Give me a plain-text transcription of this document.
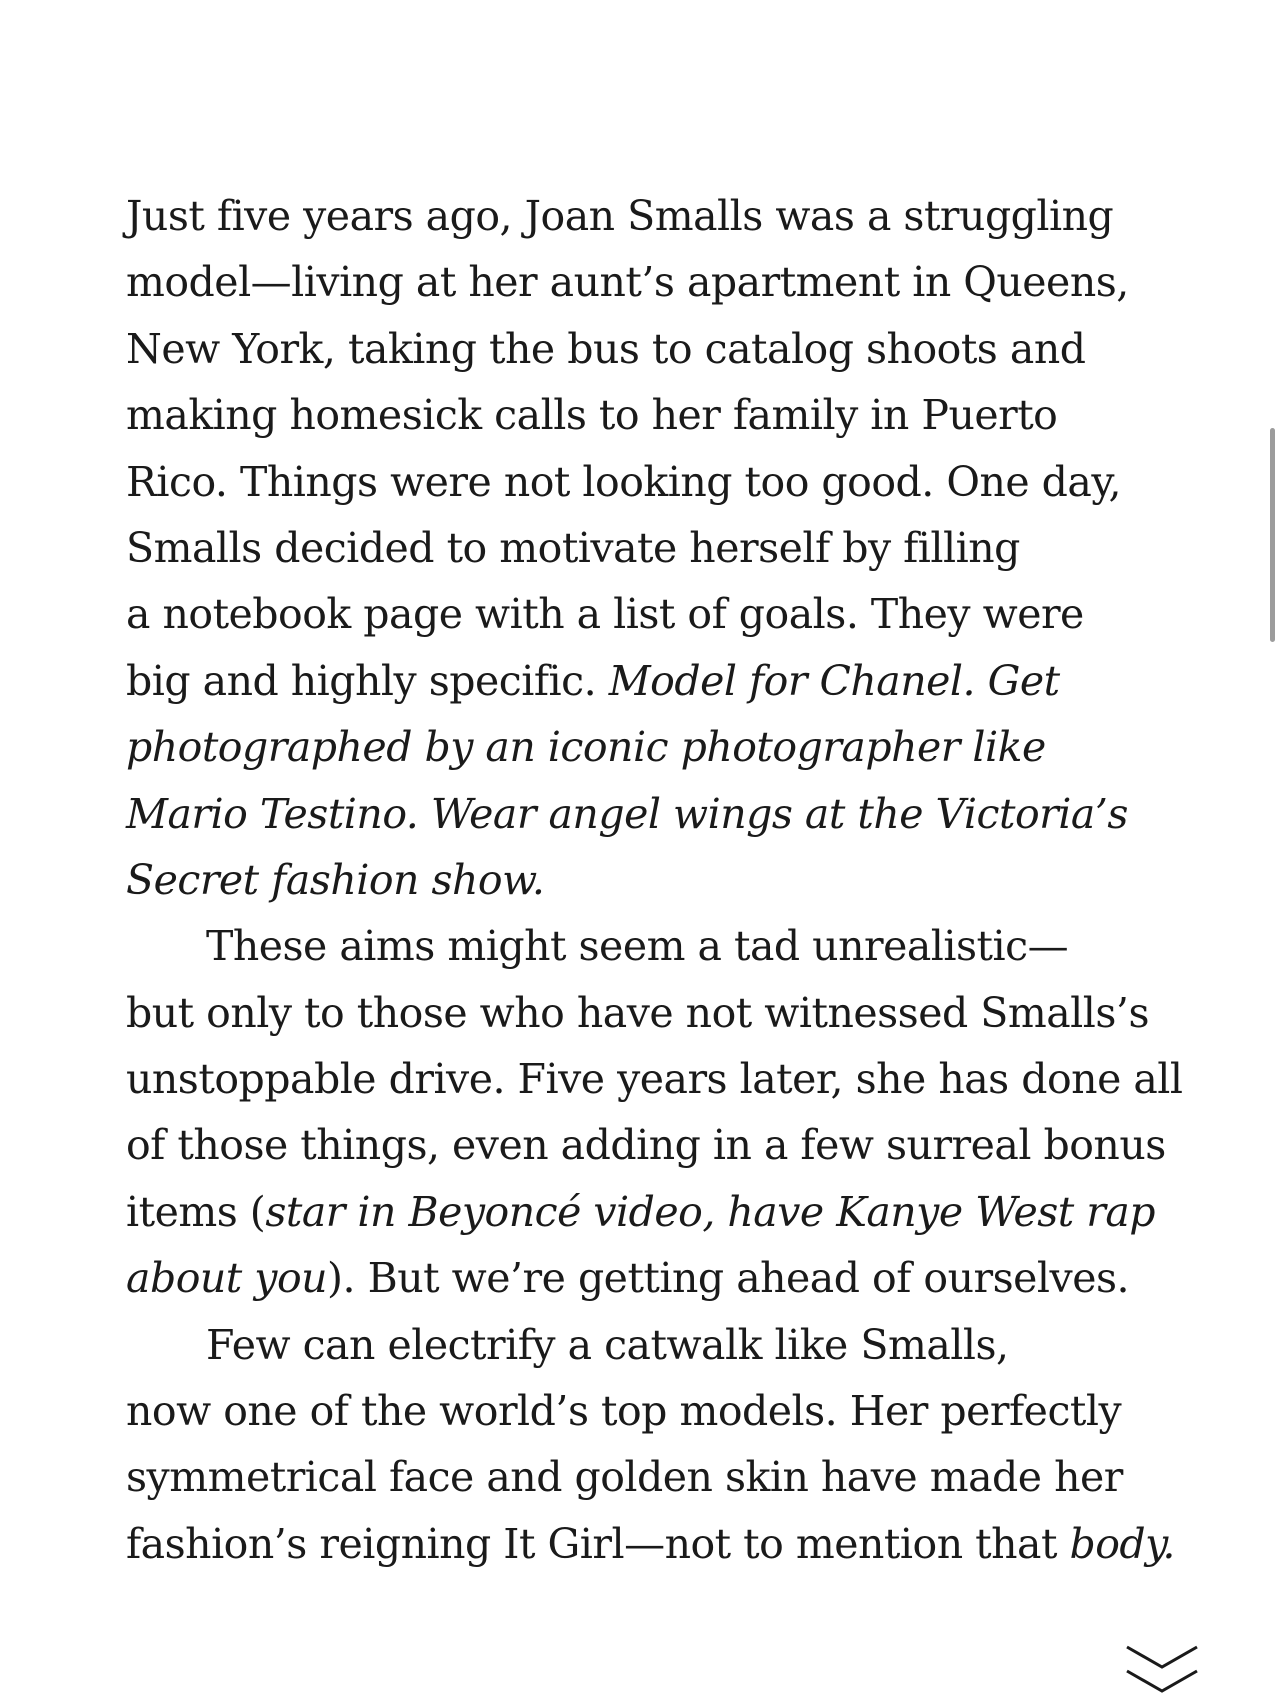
Just five years ago, Joan Smalls was a struggling
model—living at her aunt’s apartment in Queens,
New York, taking the bus to catalog shoots and
making homesick calls to her family in Puerto
Rico. Things were not looking too good. One day,
Smalls decided to motivate herself by filling
a notebook page with a list of goals. They were
big and highly specific. Model for Chanel. Get
photographed by an iconic photographer like
Mario Testino. Wear angel wings at the Victoria’s
Secret fashion show.
These aims might seem a tad unrealistic—
but only to those who have not witnessed Smalls’s
unstoppable drive. Five years later, she has done all
of those things, even adding in a few surreal bonus
items (star in Beyoncé video, have Kanye West rap
about you). But we’re getting ahead of ourselves.
Few can electrify a catwalk like Smalls,
now one of the world’s top models. Her perfectly
symmetrical face and golden skin have made her
fashion’s reigning It Girl—not to mention that body.
